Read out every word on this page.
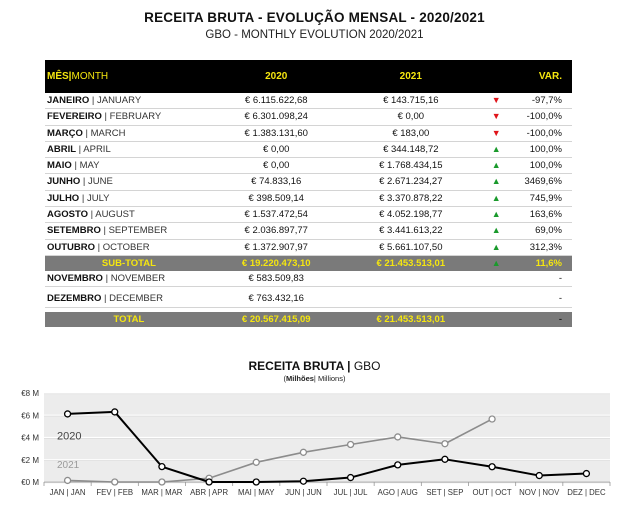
RECEITA BRUTA - EVOLUÇÃO MENSAL - 2020/2021
GBO - MONTHLY EVOLUTION 2020/2021
MÊS|MONTH	2020	2021		VAR.
JANEIRO | JANUARY	€ 6.115.622,68	€ 143.715,16	▼	-97,7%
FEVEREIRO | FEBRUARY	€ 6.301.098,24	€ 0,00	▼	-100,0%
MARÇO | MARCH	€ 1.383.131,60	€ 183,00	▼	-100,0%
ABRIL | APRIL	€ 0,00	€ 344.148,72	▲	100,0%
MAIO | MAY	€ 0,00	€ 1.768.434,15	▲	100,0%
JUNHO | JUNE	€ 74.833,16	€ 2.671.234,27	▲	3469,6%
JULHO | JULY	€ 398.509,14	€ 3.370.878,22	▲	745,9%
AGOSTO | AUGUST	€ 1.537.472,54	€ 4.052.198,77	▲	163,6%
SETEMBRO | SEPTEMBER	€ 2.036.897,77	€ 3.441.613,22	▲	69,0%
OUTUBRO | OCTOBER	€ 1.372.907,97	€ 5.661.107,50	▲	312,3%
SUB-TOTAL	€ 19.220.473,10	€ 21.453.513,01	▲	11,6%
NOVEMBRO | NOVEMBER	€ 583.509,83			-

DEZEMBRO | DECEMBER	€ 763.432,16			-

TOTAL	€ 20.567.415,09	€ 21.453.513,01		-
RECEITA BRUTA | GBO
(Milhões| Millions)
€0 M
€2 M
€4 M
€6 M
€8 M
JAN | JAN FEV | FEB MAR | MAR ABR | APR MAI | MAY JUN | JUN JUL | JUL AGO | AUG SET | SEP OUT | OCT NOV | NOV DEZ | DEC
2020
2021
